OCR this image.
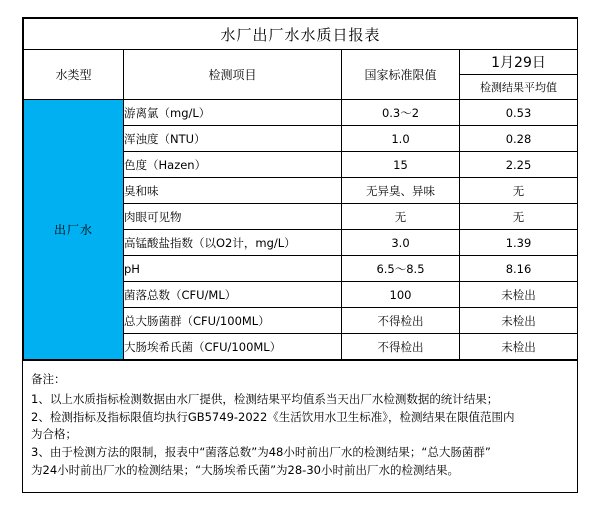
水厂出厂水水质日报表			
水类型	检测项目	国家标准限值	1月29日
			检测结果平均值
出厂水	游离氯（mg/L）	0.3～2	0.53
	浑浊度（NTU）	1.0	0.28
	色度（Hazen）	15	2.25
	臭和味	无异臭、异味	无
	肉眼可见物	无	无
	高锰酸盐指数（以O2计，mg/L）	3.0	1.39
	pH	6.5～8.5	8.16
	菌落总数（CFU/ML）	100	未检出
	总大肠菌群（CFU/100ML）	不得检出	未检出
	大肠埃希氏菌（CFU/100ML）	不得检出	未检出
备注：
1、以上水质指标检测数据由水厂提供，检测结果平均值系当天出厂水检测数据的统计结果；
2、检测指标及指标限值均执行GB5749-2022《生活饮用水卫生标准》，检测结果在限值范围内
为合格；
3、由于检测方法的限制，报表中“菌落总数”为48小时前出厂水的检测结果；“总大肠菌群”
为24小时前出厂水的检测结果；“大肠埃希氏菌”为28-30小时前出厂水的检测结果。
